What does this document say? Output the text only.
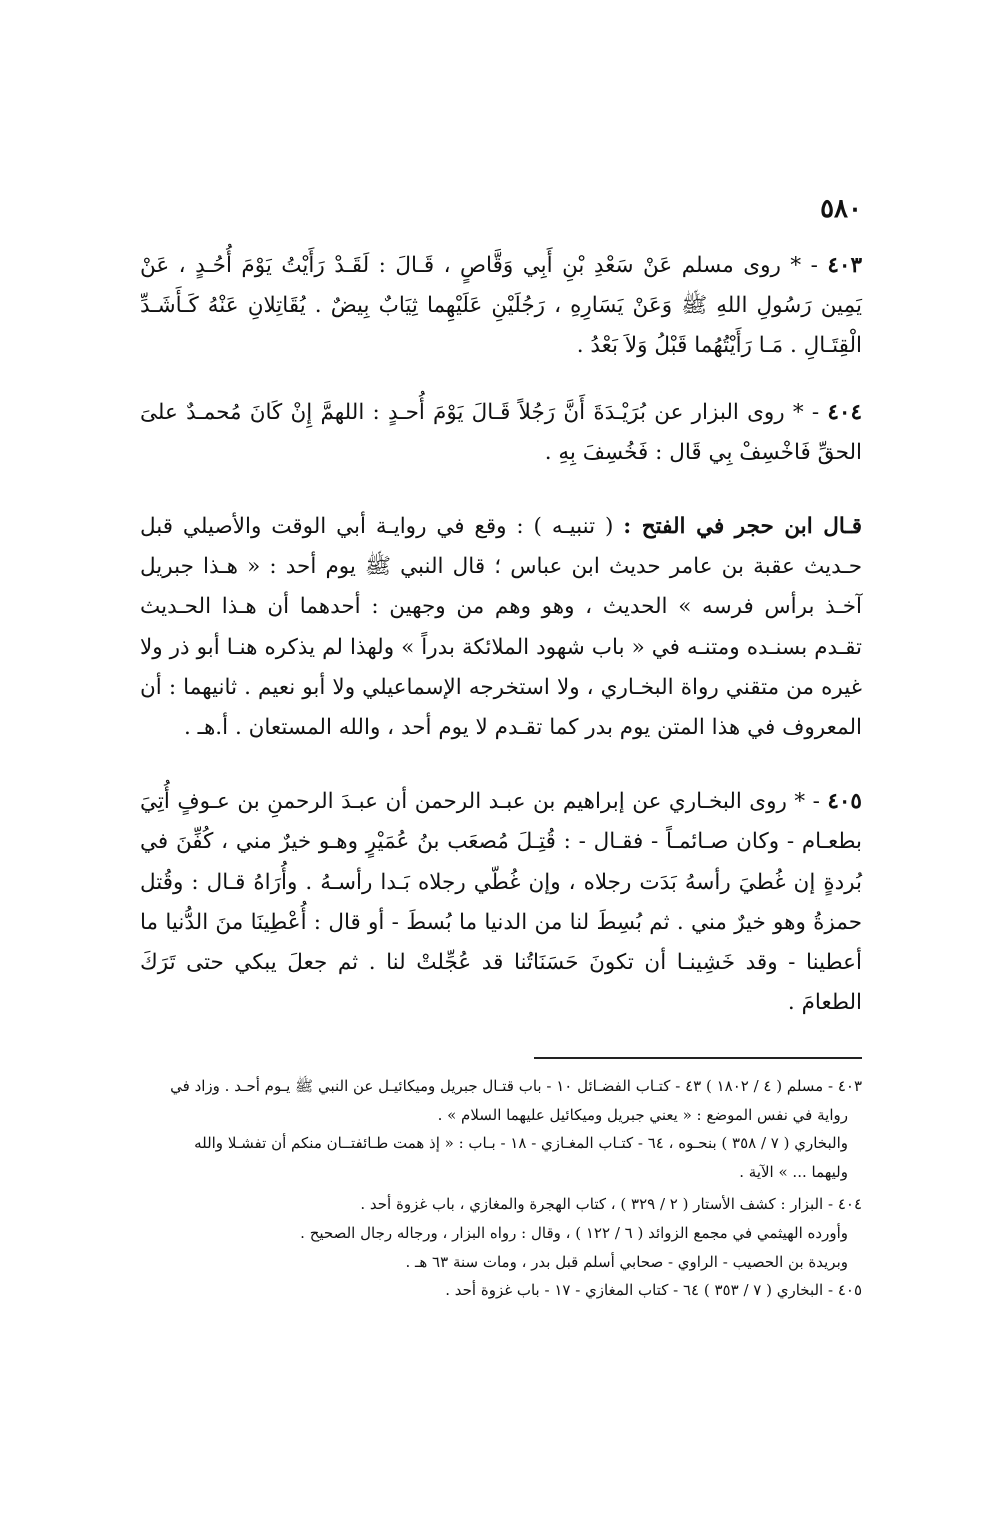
٥٨٠

٤٠٣ - * روى مسلم عَنْ سَعْدِ بْنِ أَبِي وَقَّاصٍ ، قَـالَ : لَقَـدْ رَأَيْتُ يَوْمَ أُحُـدٍ ، عَنْ يَمِين رَسُولِ اللهِ ﷺ وَعَنْ يَسَارِهِ ، رَجُلَيْنِ عَلَيْهِما ثِيَابٌ بِيضٌ . يُقَاتِلانِ عَنْهُ كَـأَشَـدِّ الْقِتَـالِ . مَـا رَأَيْتُهُما قَبْلُ وَلاَ بَعْدُ .

٤٠٤ - * روى البزار عن بُرَيْـدَةَ أَنَّ رَجُلاً قَـالَ يَوْمَ أُحـدٍ : اللهمَّ إِنْ كَانَ مُحمـدٌ علىَ الحقِّ فَاخْسِفْ بِي قَال : فَخُسِفَ بِهِ .

قـال ابن حجر في الفتح : ( تنبيـه ) : وقع في روايـة أبي الوقت والأصيلي قبل حـديث عقبة بن عامر حديث ابن عباس ؛ قال النبي ﷺ يوم أحد : « هـذا جبريل آخـذ برأس فرسه » الحديث ، وهو وهم من وجهين : أحدهما أن هـذا الحـديث تقـدم بسنـده ومتنـه في « باب شهود الملائكة بدراً » ولهذا لم يذكره هنـا أبو ذر ولا غيره من متقني رواة البخـاري ، ولا استخرجه الإسماعيلي ولا أبو نعيم . ثانيهما : أن المعروف في هذا المتن يوم بدر كما تقـدم لا يوم أحد ، والله المستعان . أ.هـ .

٤٠٥ - * روى البخـاري عن إبراهيم بن عبـد الرحمن أن عبـدَ الرحمنِ بن عـوفٍ أُتِيَ بطعـام - وكان صـائمـاً - فقـال - : قُتِـلَ مُصعَب بنُ عُمَيْرٍ وهـو خيرٌ مني ، كُفِّنَ في بُردةٍ إن غُطيَ رأسهُ بَدَت رجلاه ، وإن غُطّي رجلاه بَـدا رأسـهُ . وأُرَاهُ قـال : وقُتل حمزةُ وهو خيرٌ مني . ثم بُسِطَ لنا من الدنيا ما بُسطَ - أو قال : أُعْطِينَا منَ الدُّنيا ما أعطينا - وقد خَشِينـا أن تكونَ حَسَنَاتُنا قد عُجِّلتْ لنا . ثم جعلَ يبكي حتى تَرَكَ الطعامَ .

٤٠٣ - مسلم ( ٤ / ١٨٠٢ ) ٤٣ - كتـاب الفضـائل ١٠ - باب قتـال جبريل وميكائيـل عن النبي ﷺ يـوم أحـد . وزاد في

رواية في نفس الموضع : « يعني جبريل وميكائيل عليهما السلام » .

والبخاري ( ٧ / ٣٥٨ ) بنحـوه ، ٦٤ - كتـاب المغـازي - ١٨ - بـاب : « إذ همت طـائفتــان منكم أن تفشـلا والله

وليهما ... » الآية .

٤٠٤ - البزار : كشف الأستار ( ٢ / ٣٢٩ ) ، كتاب الهجرة والمغازي ، باب غزوة أحد .

وأورده الهيثمي في مجمع الزوائد ( ٦ / ١٢٢ ) ، وقال : رواه البزار ، ورجاله رجال الصحيح .

وبريدة بن الحصيب - الراوي - صحابي أسلم قبل بدر ، ومات سنة ٦٣ هـ .

٤٠٥ - البخاري ( ٧ / ٣٥٣ ) ٦٤ - كتاب المغازي - ١٧ - باب غزوة أحد .
